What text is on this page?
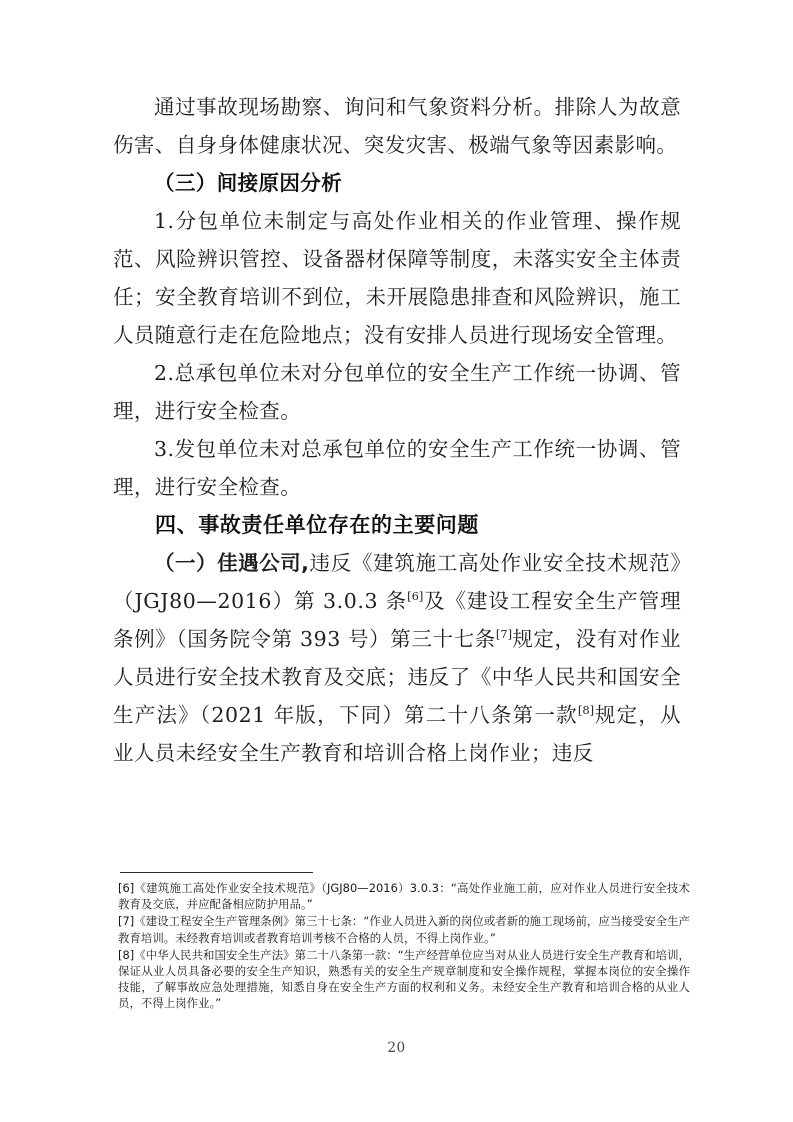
通过事故现场勘察、询问和气象资料分析。排除人为故意伤害、自身身体健康状况、突发灾害、极端气象等因素影响。

（三）间接原因分析

1.分包单位未制定与高处作业相关的作业管理、操作规范、风险辨识管控、设备器材保障等制度，未落实安全主体责任；安全教育培训不到位，未开展隐患排查和风险辨识，施工人员随意行走在危险地点；没有安排人员进行现场安全管理。

2.总承包单位未对分包单位的安全生产工作统一协调、管理，进行安全检查。

3.发包单位未对总承包单位的安全生产工作统一协调、管理，进行安全检查。

四、事故责任单位存在的主要问题

（一）佳遇公司,违反《建筑施工高处作业安全技术规范》（JGJ80—2016）第 3.0.3 条[6]及《建设工程安全生产管理条例》（国务院令第 393 号）第三十七条[7]规定，没有对作业人员进行安全技术教育及交底；违反了《中华人民共和国安全生产法》（2021 年版，下同）第二十八条第一款[8]规定，从业人员未经安全生产教育和培训合格上岗作业；违反

[6]《建筑施工高处作业安全技术规范》（JGJ80—2016）3.0.3：“高处作业施工前，应对作业人员进行安全技术教育及交底，并应配备相应防护用品。”

[7]《建设工程安全生产管理条例》第三十七条：“作业人员进入新的岗位或者新的施工现场前，应当接受安全生产教育培训。未经教育培训或者教育培训考核不合格的人员，不得上岗作业。”

[8]《中华人民共和国安全生产法》第二十八条第一款：“生产经营单位应当对从业人员进行安全生产教育和培训，保证从业人员具备必要的安全生产知识，熟悉有关的安全生产规章制度和安全操作规程，掌握本岗位的安全操作技能，了解事故应急处理措施，知悉自身在安全生产方面的权利和义务。未经安全生产教育和培训合格的从业人员，不得上岗作业。”

20
